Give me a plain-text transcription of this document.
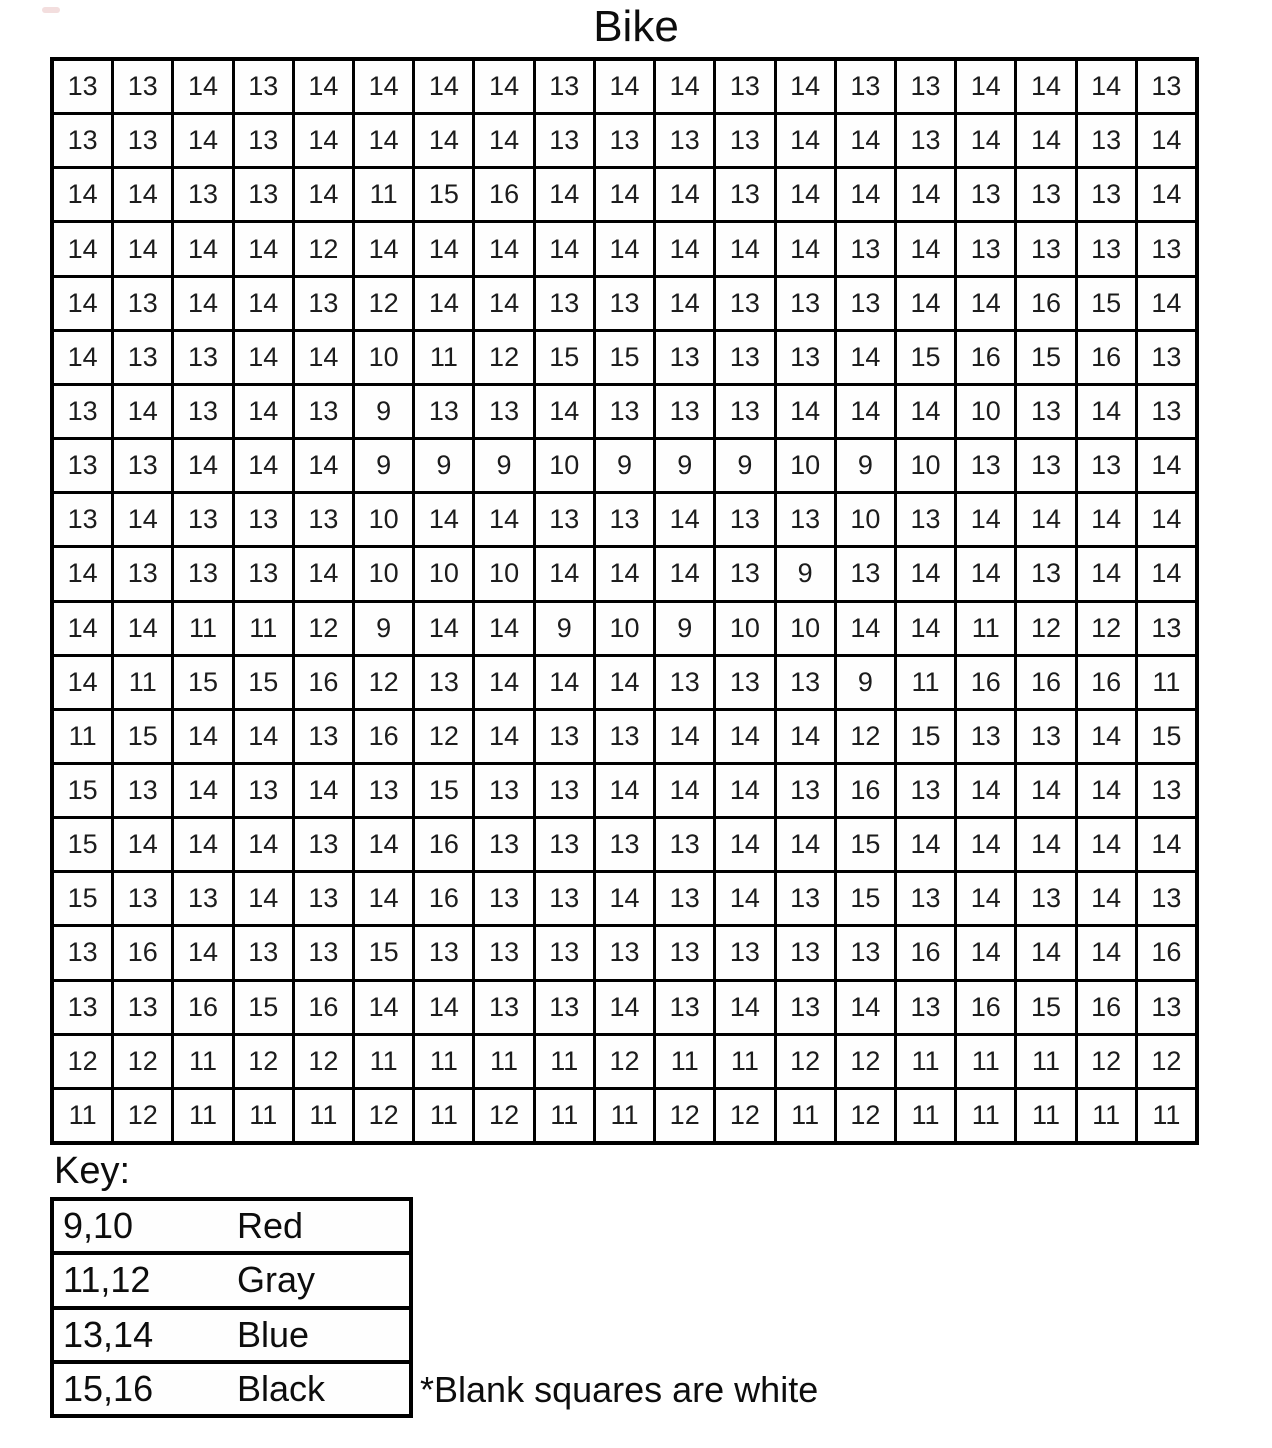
Bike
13	13	14	13	14	14	14	14	13	14	14	13	14	13	13	14	14	14	13
13	13	14	13	14	14	14	14	13	13	13	13	14	14	13	14	14	13	14
14	14	13	13	14	11	15	16	14	14	14	13	14	14	14	13	13	13	14
14	14	14	14	12	14	14	14	14	14	14	14	14	13	14	13	13	13	13
14	13	14	14	13	12	14	14	13	13	14	13	13	13	14	14	16	15	14
14	13	13	14	14	10	11	12	15	15	13	13	13	14	15	16	15	16	13
13	14	13	14	13	9	13	13	14	13	13	13	14	14	14	10	13	14	13
13	13	14	14	14	9	9	9	10	9	9	9	10	9	10	13	13	13	14
13	14	13	13	13	10	14	14	13	13	14	13	13	10	13	14	14	14	14
14	13	13	13	14	10	10	10	14	14	14	13	9	13	14	14	13	14	14
14	14	11	11	12	9	14	14	9	10	9	10	10	14	14	11	12	12	13
14	11	15	15	16	12	13	14	14	14	13	13	13	9	11	16	16	16	11
11	15	14	14	13	16	12	14	13	13	14	14	14	12	15	13	13	14	15
15	13	14	13	14	13	15	13	13	14	14	14	13	16	13	14	14	14	13
15	14	14	14	13	14	16	13	13	13	13	14	14	15	14	14	14	14	14
15	13	13	14	13	14	16	13	13	14	13	14	13	15	13	14	13	14	13
13	16	14	13	13	15	13	13	13	13	13	13	13	13	16	14	14	14	16
13	13	16	15	16	14	14	13	13	14	13	14	13	14	13	16	15	16	13
12	12	11	12	12	11	11	11	11	12	11	11	12	12	11	11	11	12	12
11	12	11	11	11	12	11	12	11	11	12	12	11	12	11	11	11	11	11
Key:
9,10	Red
11,12	Gray
13,14	Blue
15,16	Black	*Blank squares are white
